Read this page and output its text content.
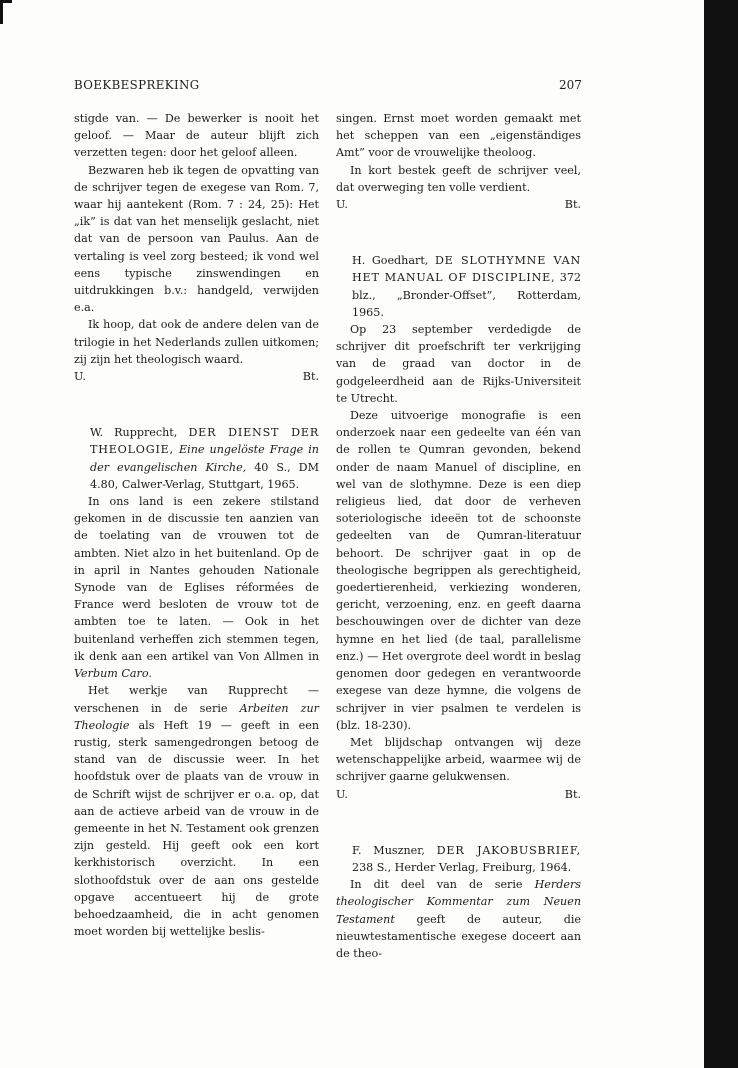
BOEKBESPREKING	207

stigde van. — De bewerker is nooit het geloof. — Maar de auteur blijft zich verzetten tegen: door het geloof alleen.

Bezwaren heb ik tegen de opvatting van de schrijver tegen de exegese van Rom. 7, waar hij aantekent (Rom. 7 : 24, 25): Het „ik” is dat van het menselijk geslacht, niet dat van de persoon van Paulus. Aan de vertaling is veel zorg besteed; ik vond wel eens typische zinswendingen en uitdrukkingen b.v.: handgeld, verwijden e.a.

Ik hoop, dat ook de andere delen van de trilogie in het Nederlands zullen uitkomen; zij zijn het theologisch waard.

U.	Bt.

W. Rupprecht, DER DIENST DER THEOLOGIE, Eine ungelöste Frage in der evangelischen Kirche, 40 S., DM 4.80, Calwer-Verlag, Stuttgart, 1965.

In ons land is een zekere stilstand gekomen in de discussie ten aanzien van de toelating van de vrouwen tot de ambten. Niet alzo in het buitenland. Op de in april in Nantes gehouden Nationale Synode van de Eglises réformées de France werd besloten de vrouw tot de ambten toe te laten. — Ook in het buitenland verheffen zich stemmen tegen, ik denk aan een artikel van Von Allmen in Verbum Caro.

Het werkje van Rupprecht — verschenen in de serie Arbeiten zur Theologie als Heft 19 — geeft in een rustig, sterk samengedrongen betoog de stand van de discussie weer. In het hoofdstuk over de plaats van de vrouw in de Schrift wijst de schrijver er o.a. op, dat aan de actieve arbeid van de vrouw in de gemeente in het N. Testament ook grenzen zijn gesteld. Hij geeft ook een kort kerkhistorisch overzicht. In een slothoofdstuk over de aan ons gestelde opgave accentueert hij de grote behoedzaamheid, die in acht genomen moet worden bij wettelijke beslis-

singen. Ernst moet worden gemaakt met het scheppen van een „eigenständiges Amt” voor de vrouwelijke theoloog.

In kort bestek geeft de schrijver veel, dat overweging ten volle verdient.

U.	Bt.

H. Goedhart, DE SLOTHYMNE VAN HET MANUAL OF DISCIPLINE, 372 blz., „Bronder-Offset”, Rotterdam, 1965.

Op 23 september verdedigde de schrijver dit proefschrift ter verkrijging van de graad van doctor in de godgeleerdheid aan de Rijks-Universiteit te Utrecht.

Deze uitvoerige monografie is een onderzoek naar een gedeelte van één van de rollen te Qumran gevonden, bekend onder de naam Manuel of discipline, en wel van de slothymne. Deze is een diep religieus lied, dat door de verheven soteriologische ideeën tot de schoonste gedeelten van de Qumran-literatuur behoort. De schrijver gaat in op de theologische begrippen als gerechtigheid, goedertierenheid, verkiezing wonderen, gericht, verzoening, enz. en geeft daarna beschouwingen over de dichter van deze hymne en het lied (de taal, parallelisme enz.) — Het overgrote deel wordt in beslag genomen door gedegen en verantwoorde exegese van deze hymne, die volgens de schrijver in vier psalmen te verdelen is (blz. 18-230).

Met blijdschap ontvangen wij deze wetenschappelijke arbeid, waarmee wij de schrijver gaarne gelukwensen.

U.	Bt.

F. Muszner, DER JAKOBUSBRIEF, 238 S., Herder Verlag, Freiburg, 1964.

In dit deel van de serie Herders theologischer Kommentar zum Neuen Testament geeft de auteur, die nieuwtestamentische exegese doceert aan de theo-
